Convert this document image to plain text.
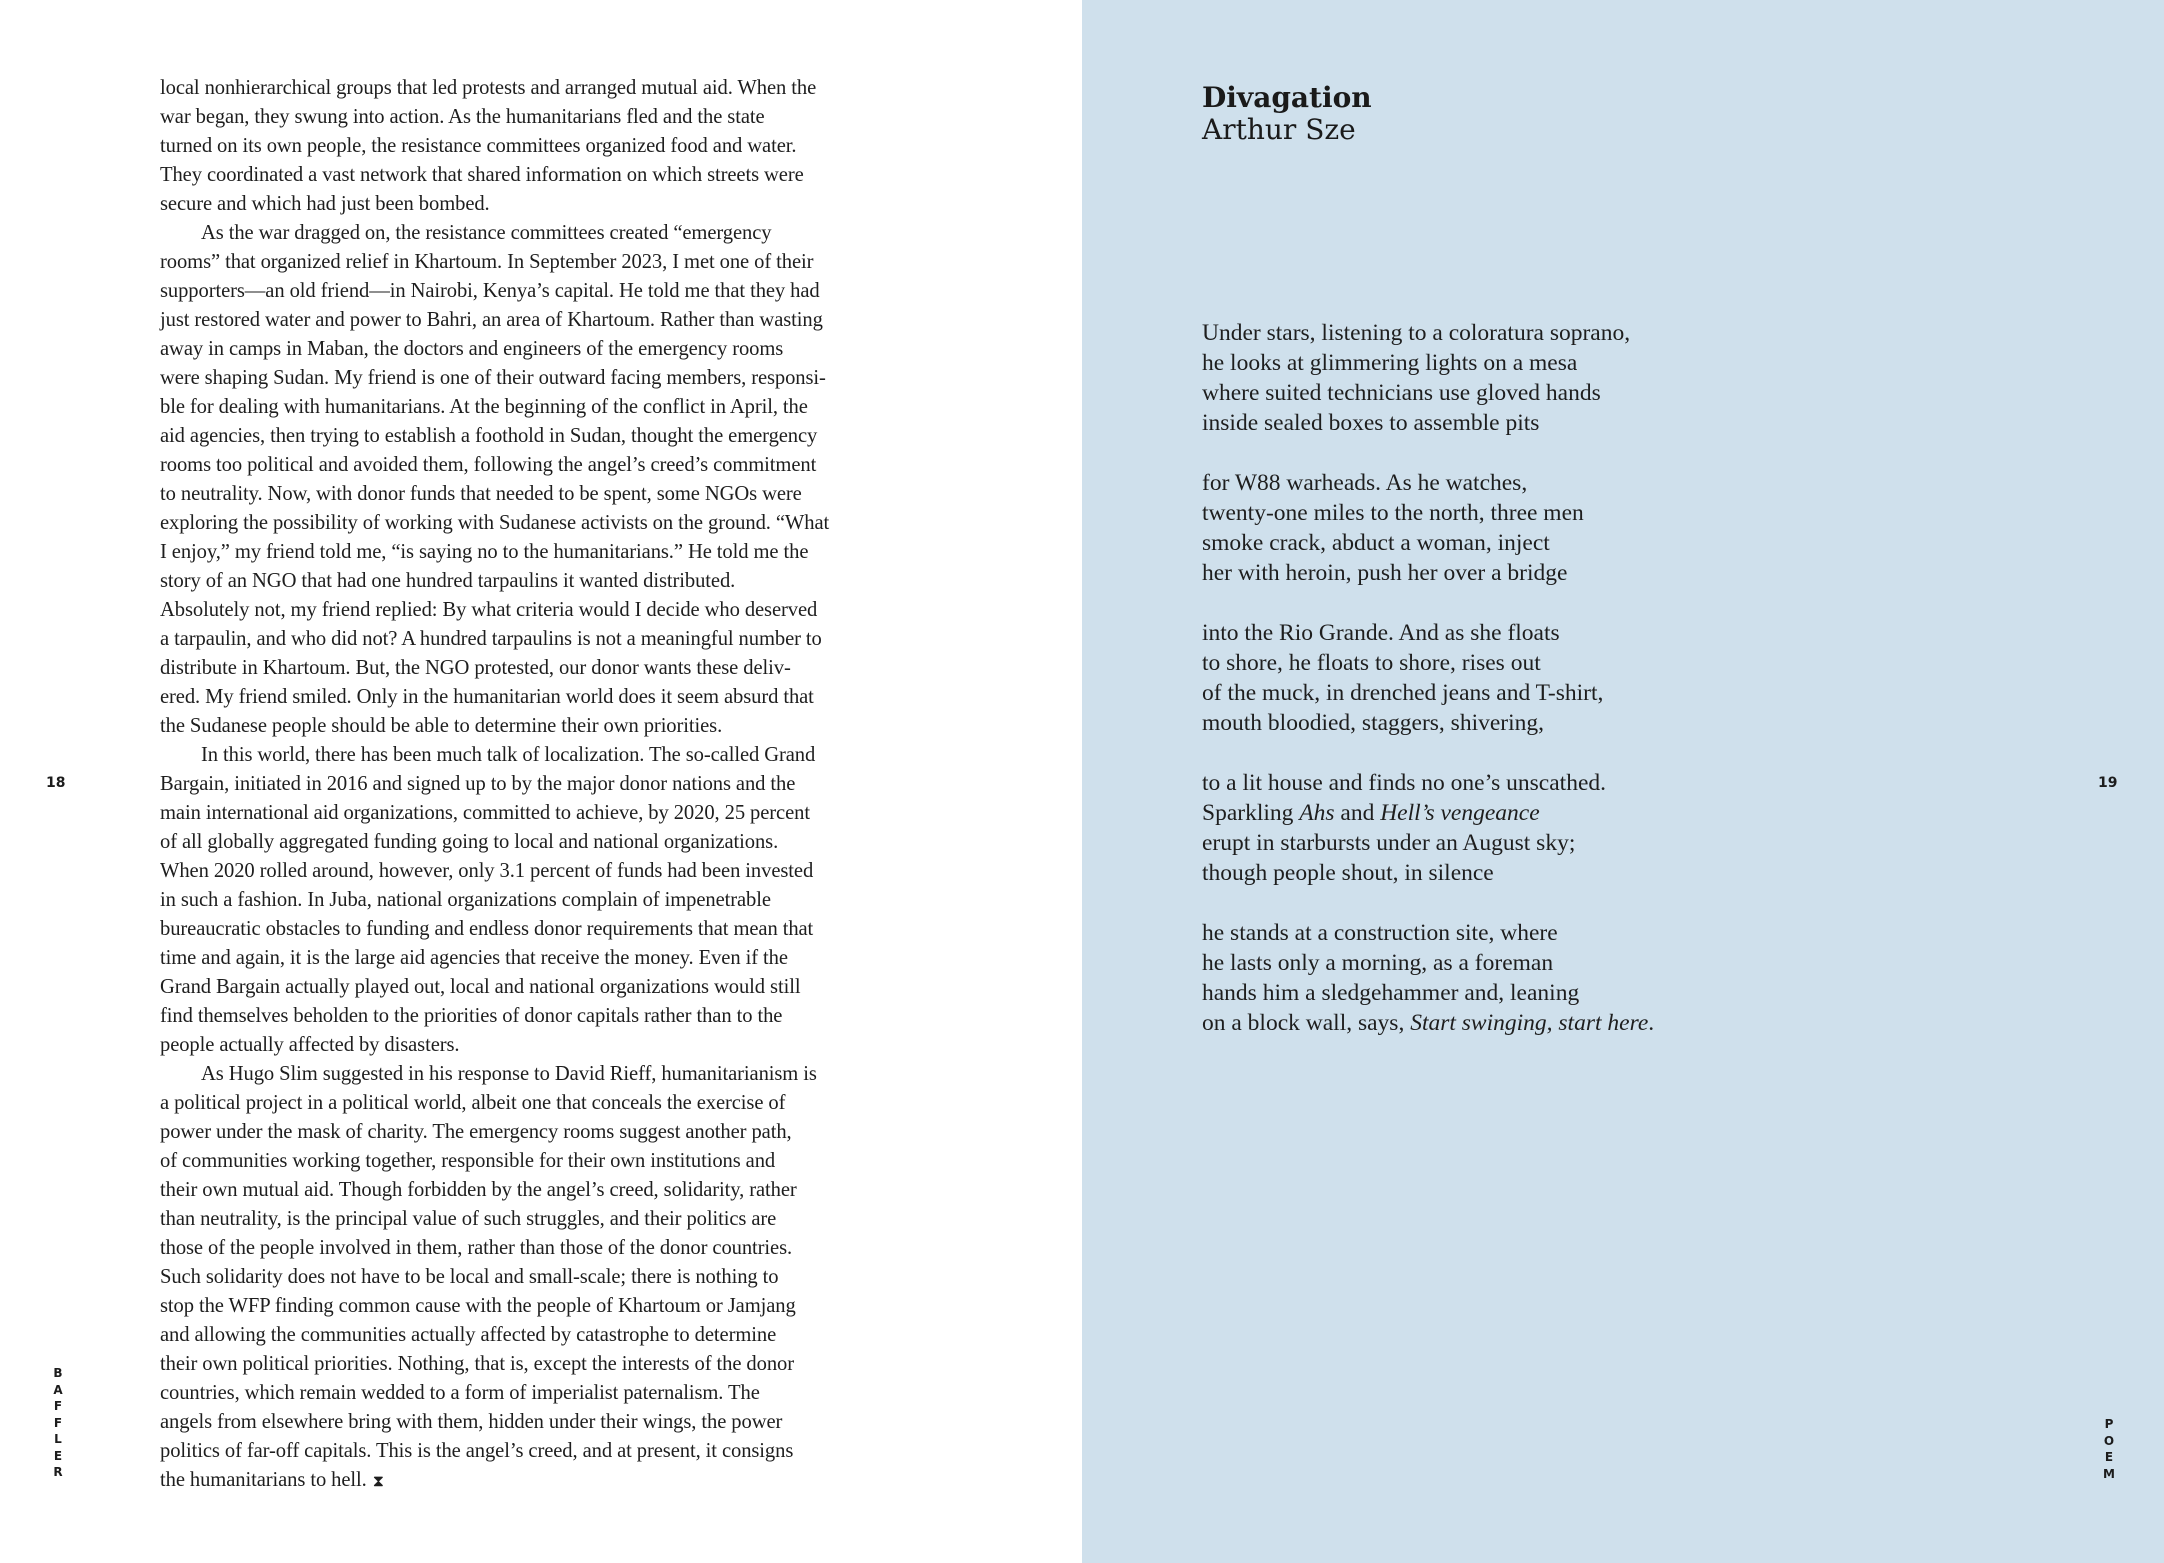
local nonhierarchical groups that led protests and arranged mutual aid. When the
war began, they swung into action. As the humanitarians fled and the state
turned on its own people, the resistance committees organized food and water.
They coordinated a vast network that shared information on which streets were
secure and which had just been bombed.
As the war dragged on, the resistance committees created “emergency
rooms” that organized relief in Khartoum. In September 2023, I met one of their
supporters—an old friend—in Nairobi, Kenya’s capital. He told me that they had
just restored water and power to Bahri, an area of Khartoum. Rather than wasting
away in camps in Maban, the doctors and engineers of the emergency rooms
were shaping Sudan. My friend is one of their outward facing members, responsi-
ble for dealing with humanitarians. At the beginning of the conflict in April, the
aid agencies, then trying to establish a foothold in Sudan, thought the emergency
rooms too political and avoided them, following the angel’s creed’s commitment
to neutrality. Now, with donor funds that needed to be spent, some NGOs were
exploring the possibility of working with Sudanese activists on the ground. “What
I enjoy,” my friend told me, “is saying no to the humanitarians.” He told me the
story of an NGO that had one hundred tarpaulins it wanted distributed.
Absolutely not, my friend replied: By what criteria would I decide who deserved
a tarpaulin, and who did not? A hundred tarpaulins is not a meaningful number to
distribute in Khartoum. But, the NGO protested, our donor wants these deliv-
ered. My friend smiled. Only in the humanitarian world does it seem absurd that
the Sudanese people should be able to determine their own priorities.
In this world, there has been much talk of localization. The so-called Grand
Bargain, initiated in 2016 and signed up to by the major donor nations and the
main international aid organizations, committed to achieve, by 2020, 25 percent
of all globally aggregated funding going to local and national organizations.
When 2020 rolled around, however, only 3.1 percent of funds had been invested
in such a fashion. In Juba, national organizations complain of impenetrable
bureaucratic obstacles to funding and endless donor requirements that mean that
time and again, it is the large aid agencies that receive the money. Even if the
Grand Bargain actually played out, local and national organizations would still
find themselves beholden to the priorities of donor capitals rather than to the
people actually affected by disasters.
As Hugo Slim suggested in his response to David Rieff, humanitarianism is
a political project in a political world, albeit one that conceals the exercise of
power under the mask of charity. The emergency rooms suggest another path,
of communities working together, responsible for their own institutions and
their own mutual aid. Though forbidden by the angel’s creed, solidarity, rather
than neutrality, is the principal value of such struggles, and their politics are
those of the people involved in them, rather than those of the donor countries.
Such solidarity does not have to be local and small-scale; there is nothing to
stop the WFP finding common cause with the people of Khartoum or Jamjang
and allowing the communities actually affected by catastrophe to determine
their own political priorities. Nothing, that is, except the interests of the donor
countries, which remain wedded to a form of imperialist paternalism. The
angels from elsewhere bring with them, hidden under their wings, the power
politics of far-off capitals. This is the angel’s creed, and at present, it consigns
the humanitarians to hell. ⧗
18	19
B
A
F
F
L
E
R
P
O
E
M
Divagation
Arthur Sze
Under stars, listening to a coloratura soprano,
he looks at glimmering lights on a mesa
where suited technicians use gloved hands
inside sealed boxes to assemble pits
for W88 warheads. As he watches,
twenty-one miles to the north, three men
smoke crack, abduct a woman, inject
her with heroin, push her over a bridge
into the Rio Grande. And as she floats
to shore, he floats to shore, rises out
of the muck, in drenched jeans and T-shirt,
mouth bloodied, staggers, shivering,
to a lit house and finds no one’s unscathed.
Sparkling Ahs and Hell’s vengeance
erupt in starbursts under an August sky;
though people shout, in silence
he stands at a construction site, where
he lasts only a morning, as a foreman
hands him a sledgehammer and, leaning
on a block wall, says, Start swinging, start here.
